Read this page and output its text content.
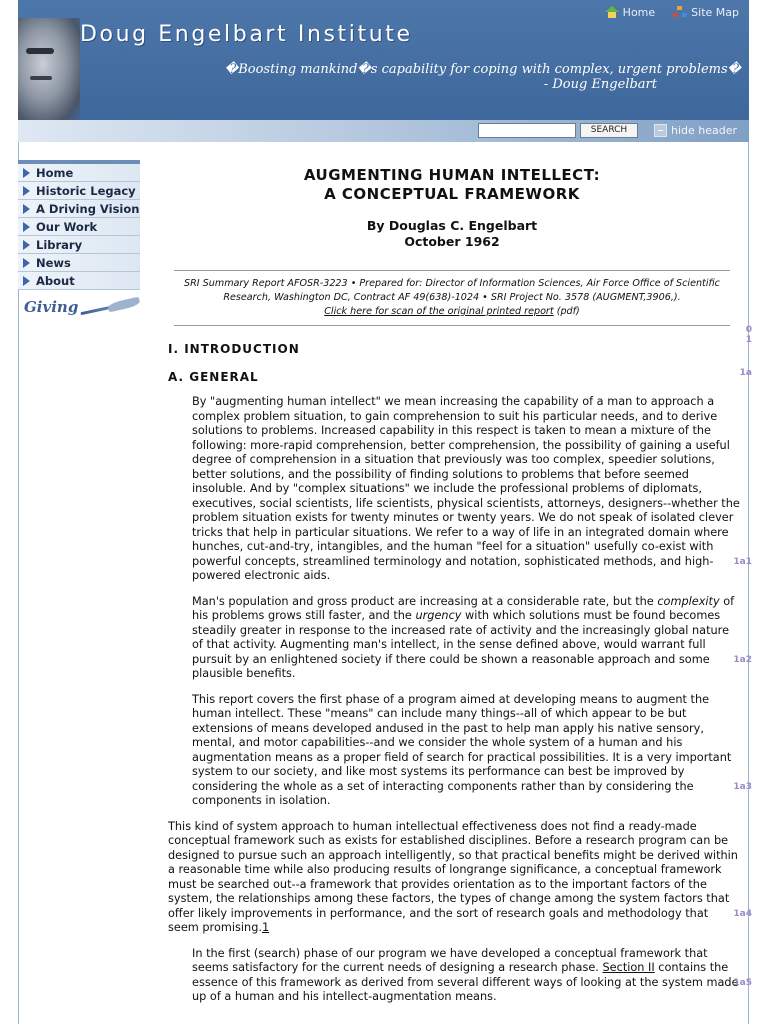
Home	Site Map
Doug Engelbart Institute
�Boosting mankind�s capability for coping with complex, urgent problems�
- Doug Engelbart
SEARCH	hide header
Home
Historic Legacy
A Driving Vision
Our Work
Library
News
About
Giving
AUGMENTING HUMAN INTELLECT:
A CONCEPTUAL FRAMEWORK
By Douglas C. Engelbart
October 1962
SRI Summary Report AFOSR-3223 • Prepared for: Director of Information Sciences, Air Force Office of Scientific Research, Washington DC, Contract AF 49(638)-1024 • SRI Project No. 3578 (AUGMENT,3906,).
Click here for scan of the original printed report (pdf)
0
1
I. INTRODUCTION
1a
A. GENERAL
By "augmenting human intellect" we mean increasing the capability of a man to approach a complex problem situation, to gain comprehension to suit his particular needs, and to derive solutions to problems. Increased capability in this respect is taken to mean a mixture of the following: more-rapid comprehension, better comprehension, the possibility of gaining a useful degree of comprehension in a situation that previously was too complex, speedier solutions, better solutions, and the possibility of finding solutions to problems that before seemed insoluble. And by "complex situations" we include the professional problems of diplomats, executives, social scientists, life scientists, physical scientists, attorneys, designers--whether the problem situation exists for twenty minutes or twenty years. We do not speak of isolated clever tricks that help in particular situations. We refer to a way of life in an integrated domain where hunches, cut-and-try, intangibles, and the human "feel for a situation" usefully co-exist with powerful concepts, streamlined terminology and notation, sophisticated methods, and high-powered electronic aids.
1a1
Man's population and gross product are increasing at a considerable rate, but the complexity of his problems grows still faster, and the urgency with which solutions must be found becomes steadily greater in response to the increased rate of activity and the increasingly global nature of that activity. Augmenting man's intellect, in the sense defined above, would warrant full pursuit by an enlightened society if there could be shown a reasonable approach and some plausible benefits.
1a2
This report covers the first phase of a program aimed at developing means to augment the human intellect. These "means" can include many things--all of which appear to be but extensions of means developed andused in the past to help man apply his native sensory, mental, and motor capabilities--and we consider the whole system of a human and his augmentation means as a proper field of search for practical possibilities. It is a very important system to our society, and like most systems its performance can best be improved by considering the whole as a set of interacting components rather than by considering the components in isolation.
1a3
This kind of system approach to human intellectual effectiveness does not find a ready-made conceptual framework such as exists for established disciplines. Before a research program can be designed to pursue such an approach intelligently, so that practical benefits might be derived within a reasonable time while also producing results of longrange significance, a conceptual framework must be searched out--a framework that provides orientation as to the important factors of the system, the relationships among these factors, the types of change among the system factors that offer likely improvements in performance, and the sort of research goals and methodology that seem promising.1
1a4
In the first (search) phase of our program we have developed a conceptual framework that seems satisfactory for the current needs of designing a research phase. Section II contains the essence of this framework as derived from several different ways of looking at the system made up of a human and his intellect-augmentation means.
1a5
